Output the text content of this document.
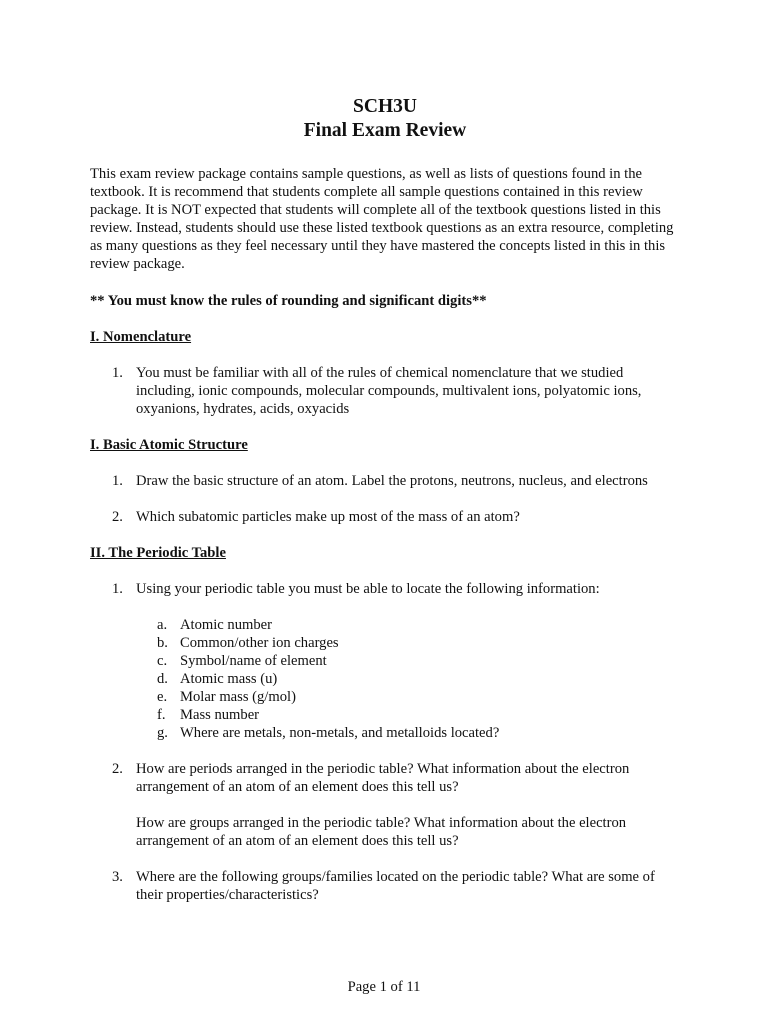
SCH3U
Final Exam Review

This exam review package contains sample questions, as well as lists of questions found in the textbook. It is recommend that students complete all sample questions contained in this review package. It is NOT expected that students will complete all of the textbook questions listed in this review. Instead, students should use these listed textbook questions as an extra resource, completing as many questions as they feel necessary until they have mastered the concepts listed in this in this review package.

** You must know the rules of rounding and significant digits**

I. Nomenclature

1. You must be familiar with all of the rules of chemical nomenclature that we studied including, ionic compounds, molecular compounds, multivalent ions, polyatomic ions, oxyanions, hydrates, acids, oxyacids

I. Basic Atomic Structure

1. Draw the basic structure of an atom. Label the protons, neutrons, nucleus, and electrons

2. Which subatomic particles make up most of the mass of an atom?

II. The Periodic Table

1. Using your periodic table you must be able to locate the following information:

a. Atomic number
b. Common/other ion charges
c. Symbol/name of element
d. Atomic mass (u)
e. Molar mass (g/mol)
f. Mass number
g. Where are metals, non-metals, and metalloids located?
2. How are periods arranged in the periodic table? What information about the electron arrangement of an atom of an element does this tell us?

How are groups arranged in the periodic table? What information about the electron arrangement of an atom of an element does this tell us?

3. Where are the following groups/families located on the periodic table? What are some of their properties/characteristics?

Page 1 of 11
